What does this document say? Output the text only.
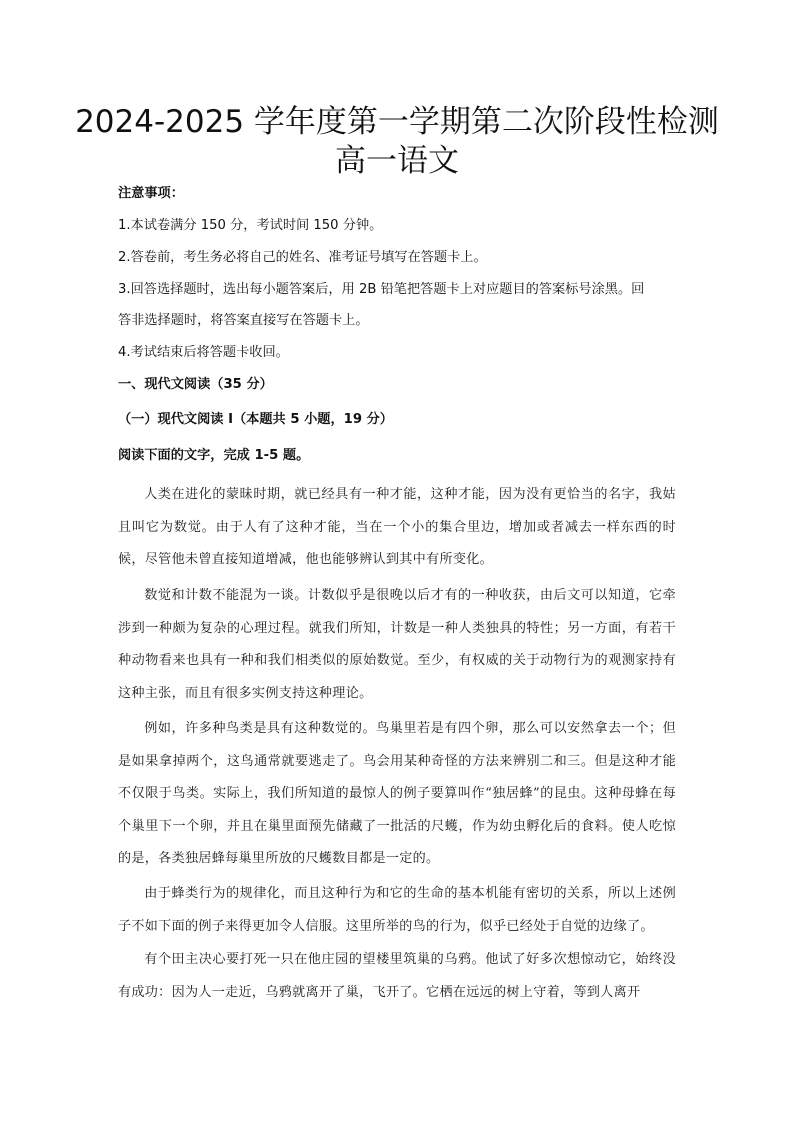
2024-2025 学年度第一学期第二次阶段性检测
高一语文
注意事项：
1.本试卷满分 150 分，考试时间 150 分钟。
2.答卷前，考生务必将自己的姓名、准考证号填写在答题卡上。
3.回答选择题时，选出每小题答案后，用 2B 铅笔把答题卡上对应题目的答案标号涂黑。回
答非选择题时，将答案直接写在答题卡上。
4.考试结束后将答题卡收回。
一、现代文阅读（35 分）
（一）现代文阅读 I（本题共 5 小题，19 分）
阅读下面的文字，完成 1-5 题。

人类在进化的蒙昧时期，就已经具有一种才能，这种才能，因为没有更恰当的名字，我姑且叫它为数觉。由于人有了这种才能，当在一个小的集合里边，增加或者减去一样东西的时候，尽管他未曾直接知道增减，他也能够辨认到其中有所变化。

数觉和计数不能混为一谈。计数似乎是很晚以后才有的一种收获，由后文可以知道，它牵涉到一种颇为复杂的心理过程。就我们所知，计数是一种人类独具的特性；另一方面，有若干种动物看来也具有一种和我们相类似的原始数觉。至少，有权威的关于动物行为的观测家持有这种主张，而且有很多实例支持这种理论。

例如，许多种鸟类是具有这种数觉的。鸟巢里若是有四个卵，那么可以安然拿去一个；但是如果拿掉两个，这鸟通常就要逃走了。鸟会用某种奇怪的方法来辨别二和三。但是这种才能不仅限于鸟类。实际上，我们所知道的最惊人的例子要算叫作“独居蜂”的昆虫。这种母蜂在每个巢里下一个卵，并且在巢里面预先储藏了一批活的尺蠖，作为幼虫孵化后的食料。使人吃惊的是，各类独居蜂每巢里所放的尺蠖数目都是一定的。

由于蜂类行为的规律化，而且这种行为和它的生命的基本机能有密切的关系，所以上述例子不如下面的例子来得更加令人信服。这里所举的鸟的行为，似乎已经处于自觉的边缘了。

有个田主决心要打死一只在他庄园的望楼里筑巢的乌鸦。他试了好多次想惊动它，始终没有成功：因为人一走近，乌鸦就离开了巢，飞开了。它栖在远远的树上守着，等到人离开
